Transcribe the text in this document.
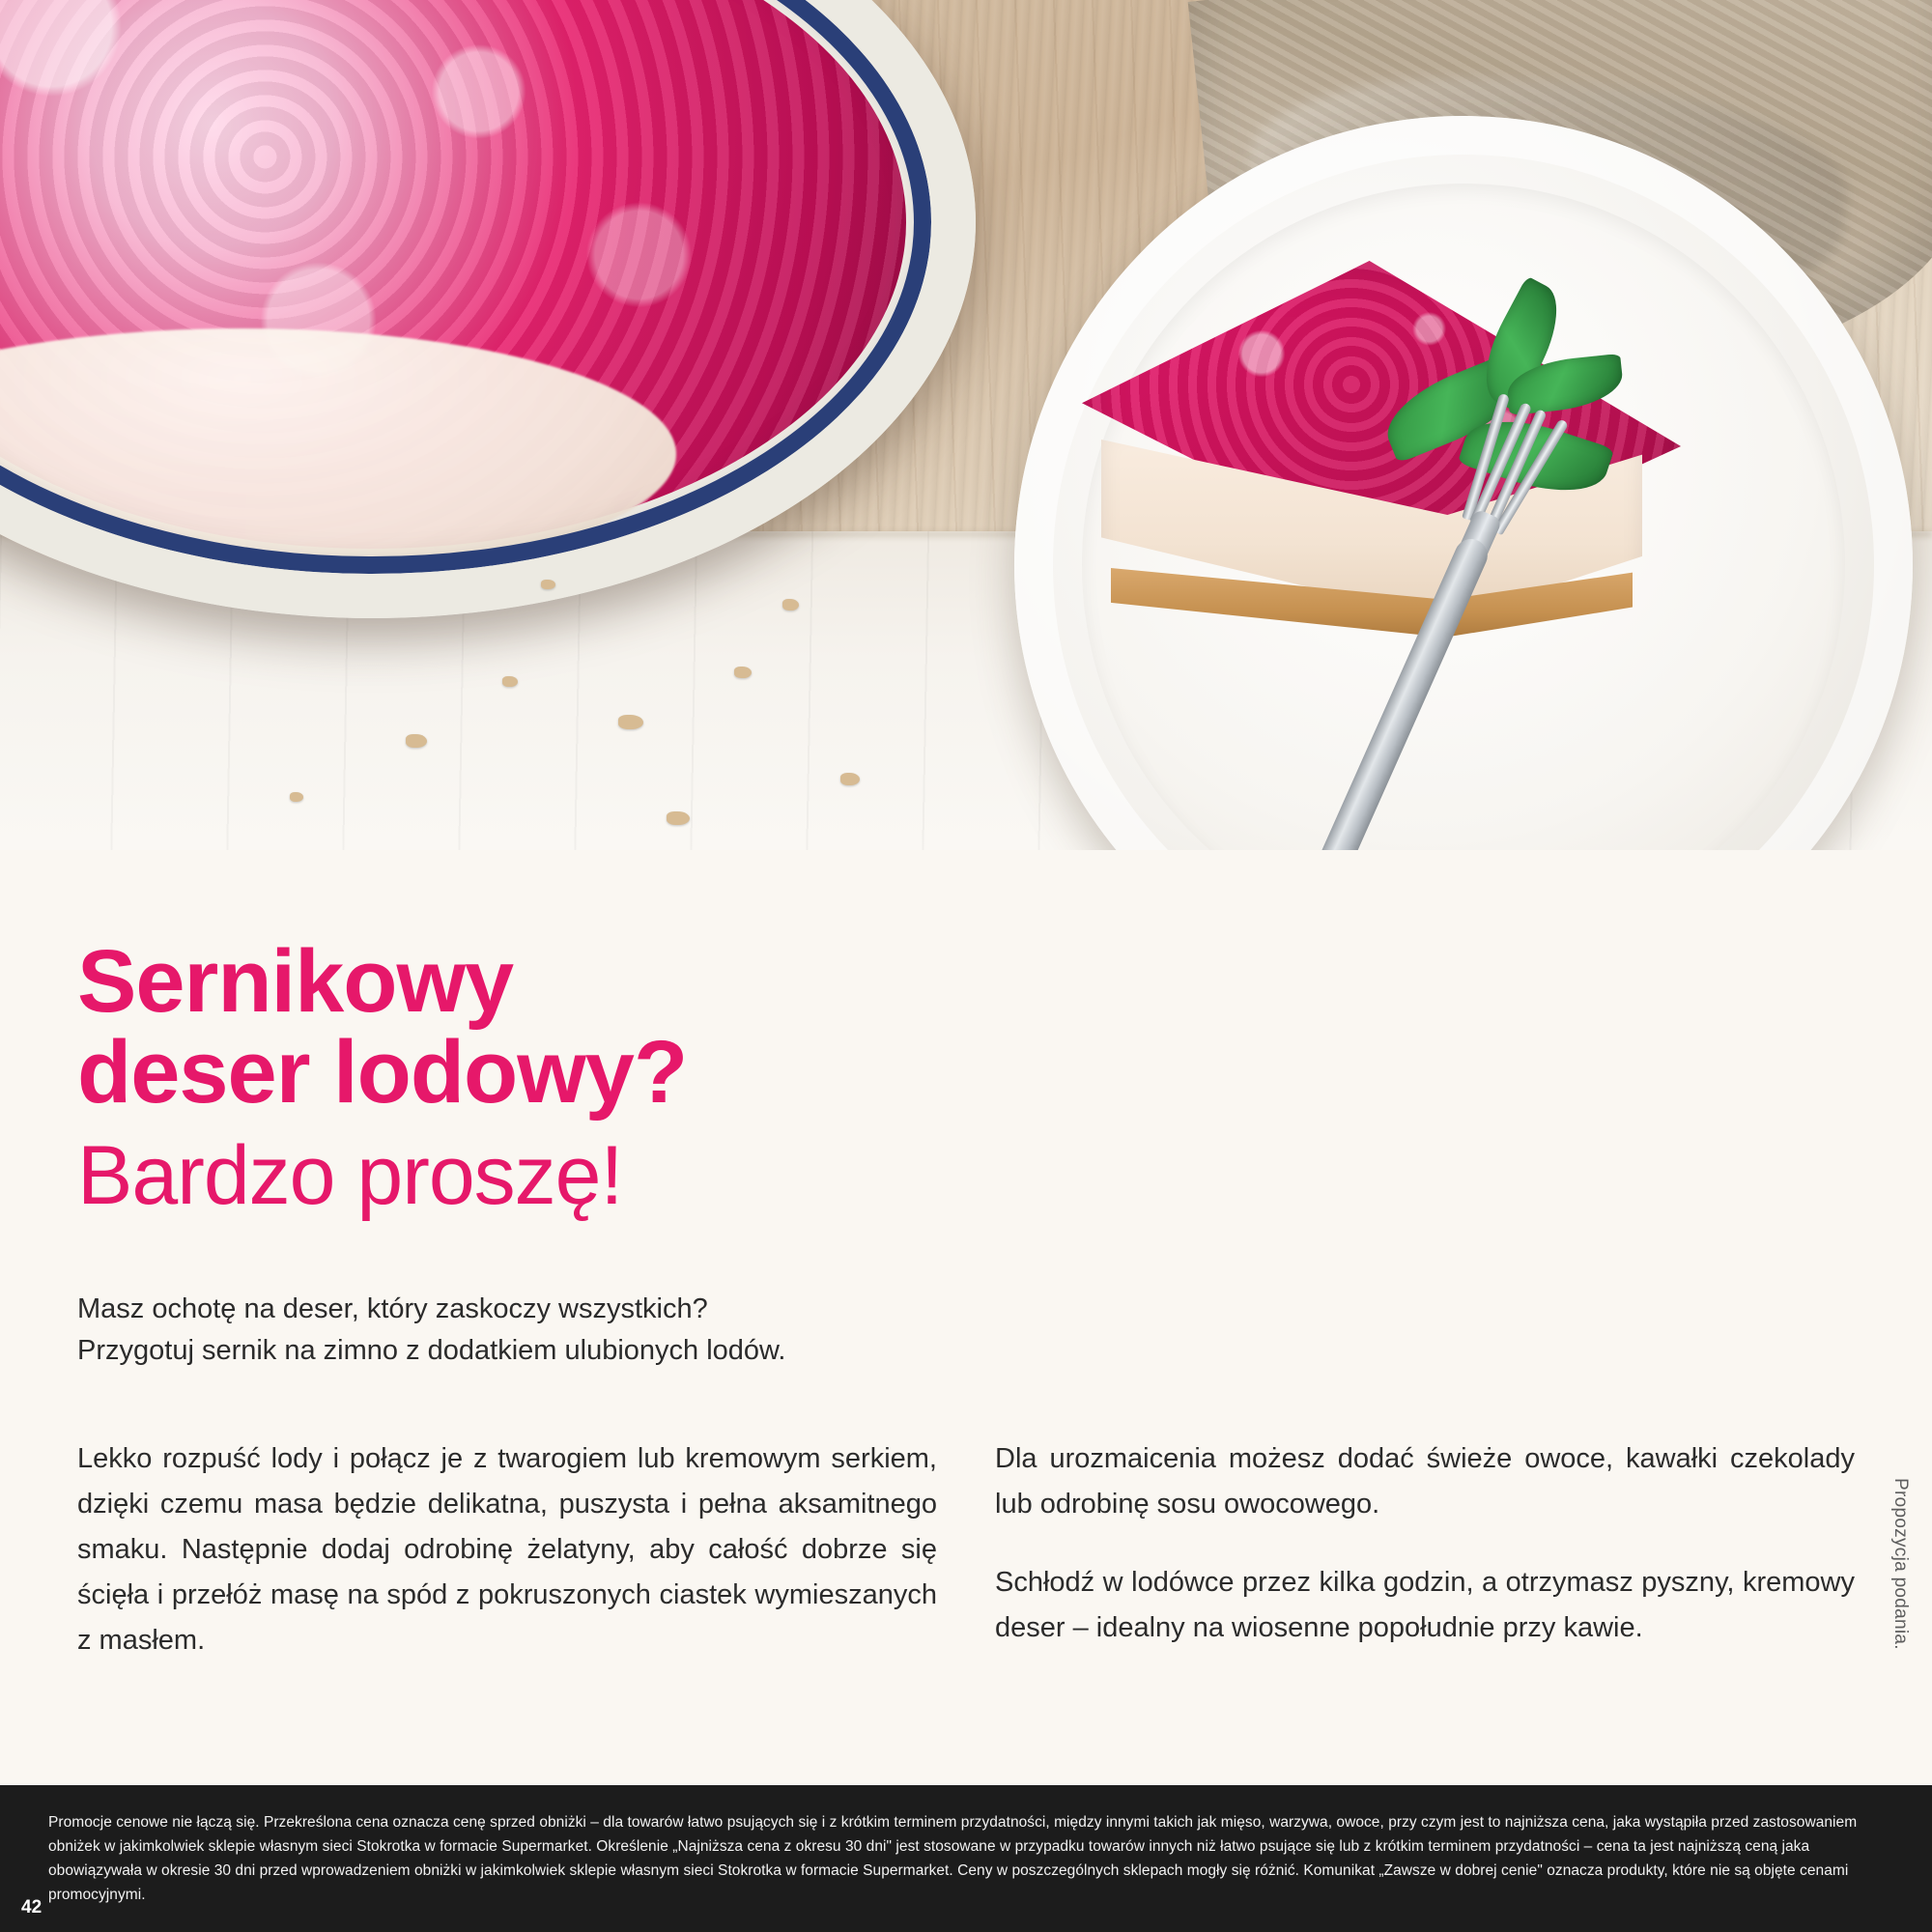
Sernikowy
deser lodowy?
Bardzo proszę!
Masz ochotę na deser, który zaskoczy wszystkich?
Przygotuj sernik na zimno z dodatkiem ulubionych lodów.

Lekko rozpuść lody i połącz je z twarogiem lub kremowym serkiem, dzięki czemu masa będzie delikatna, puszysta i pełna aksamitnego smaku. Następnie dodaj odrobinę żelatyny, aby całość dobrze się ścięła i przełóż masę na spód z pokruszonych ciastek wymieszanych z masłem.

Dla urozmaicenia możesz dodać świeże owoce, kawałki czekolady lub odrobinę sosu owocowego.

Schłodź w lodówce przez kilka godzin, a otrzymasz pyszny, kremowy deser – idealny na wiosenne popołudnie przy kawie.	Propozycja podania.
Promocje cenowe nie łączą się. Przekreślona cena oznacza cenę sprzed obniżki – dla towarów łatwo psujących się i z krótkim terminem przydatności, między innymi takich jak mięso, warzywa, owoce, przy czym jest to najniższa cena, jaka wystąpiła przed zastosowaniem obniżek w jakimkolwiek sklepie własnym sieci Stokrotka w formacie Supermarket. Określenie „Najniższa cena z okresu 30 dni" jest stosowane w przypadku towarów innych niż łatwo psujące się lub z krótkim terminem przydatności – cena ta jest najniższą ceną jaka obowiązywała w okresie 30 dni przed wprowadzeniem obniżki w jakimkolwiek sklepie własnym sieci Stokrotka w formacie Supermarket. Ceny w poszczególnych sklepach mogły się różnić. Komunikat „Zawsze w dobrej cenie" oznacza produkty, które nie są objęte cenami promocyjnymi.
42
